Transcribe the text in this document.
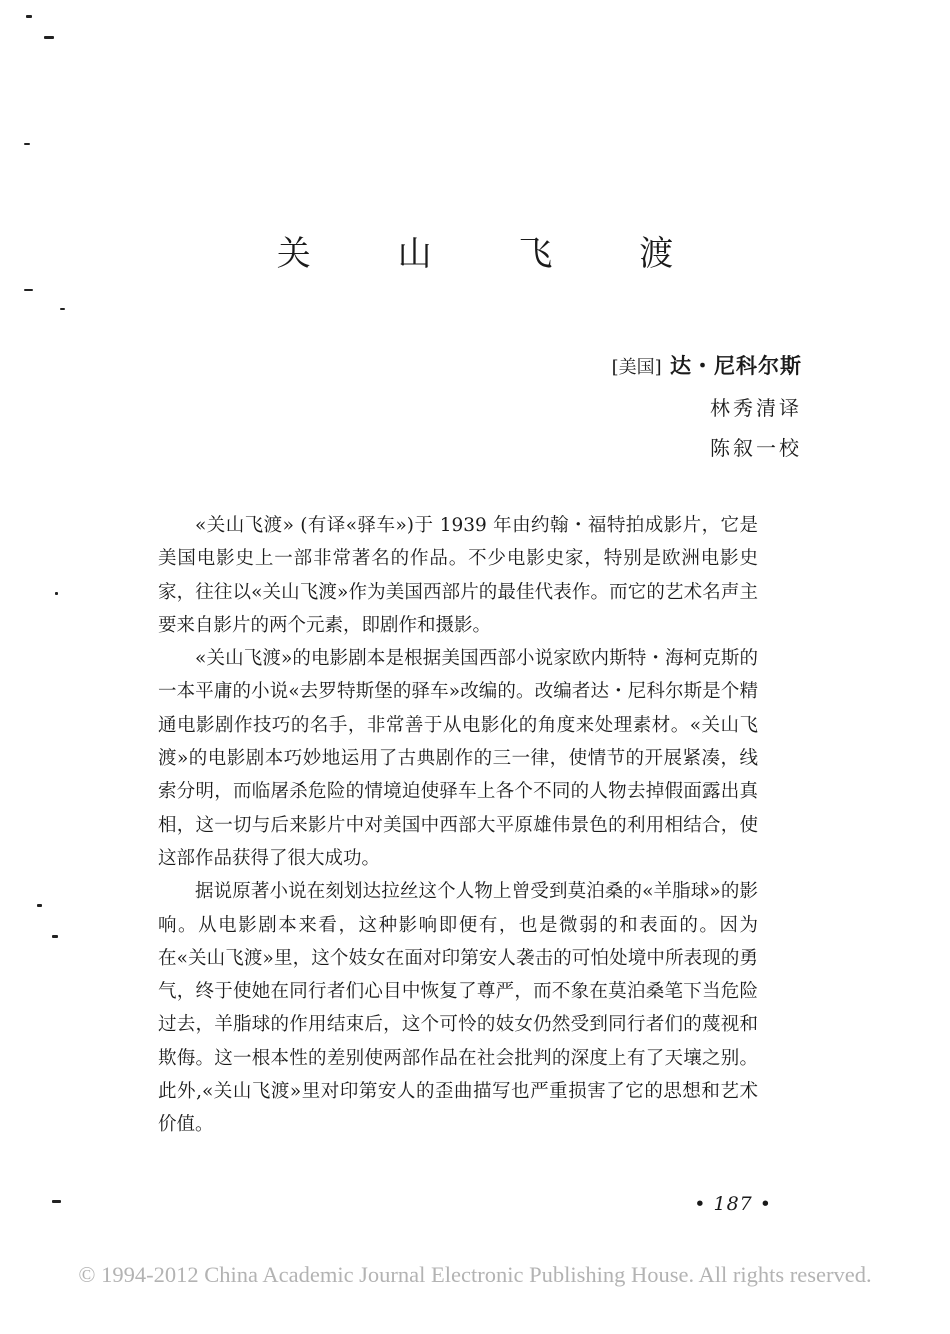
关 山 飞 渡
[美国] 达・尼科尔斯
林秀清译
陈叙一校

«关山飞渡» (有译«驿车»)于 1939 年由约翰・福特拍成影片，它是美国电影史上一部非常著名的作品。不少电影史家，特别是欧洲电影史家，往往以«关山飞渡»作为美国西部片的最佳代表作。而它的艺术名声主要来自影片的两个元素，即剧作和摄影。

«关山飞渡»的电影剧本是根据美国西部小说家欧内斯特・海柯克斯的一本平庸的小说«去罗特斯堡的驿车»改编的。改编者达・尼科尔斯是个精通电影剧作技巧的名手，非常善于从电影化的角度来处理素材。«关山飞渡»的电影剧本巧妙地运用了古典剧作的三一律，使情节的开展紧凑，线索分明，而临屠杀危险的情境迫使驿车上各个不同的人物去掉假面露出真相，这一切与后来影片中对美国中西部大平原雄伟景色的利用相结合，使这部作品获得了很大成功。

据说原著小说在刻划达拉丝这个人物上曾受到莫泊桑的«羊脂球»的影响。从电影剧本来看，这种影响即便有，也是微弱的和表面的。因为在«关山飞渡»里，这个妓女在面对印第安人袭击的可怕处境中所表现的勇气，终于使她在同行者们心目中恢复了尊严，而不象在莫泊桑笔下当危险过去，羊脂球的作用结束后，这个可怜的妓女仍然受到同行者们的蔑视和欺侮。这一根本性的差别使两部作品在社会批判的深度上有了天壤之别。此外,«关山飞渡»里对印第安人的歪曲描写也严重损害了它的思想和艺术价值。

• 187 •
© 1994-2012 China Academic Journal Electronic Publishing House. All rights reserved.
